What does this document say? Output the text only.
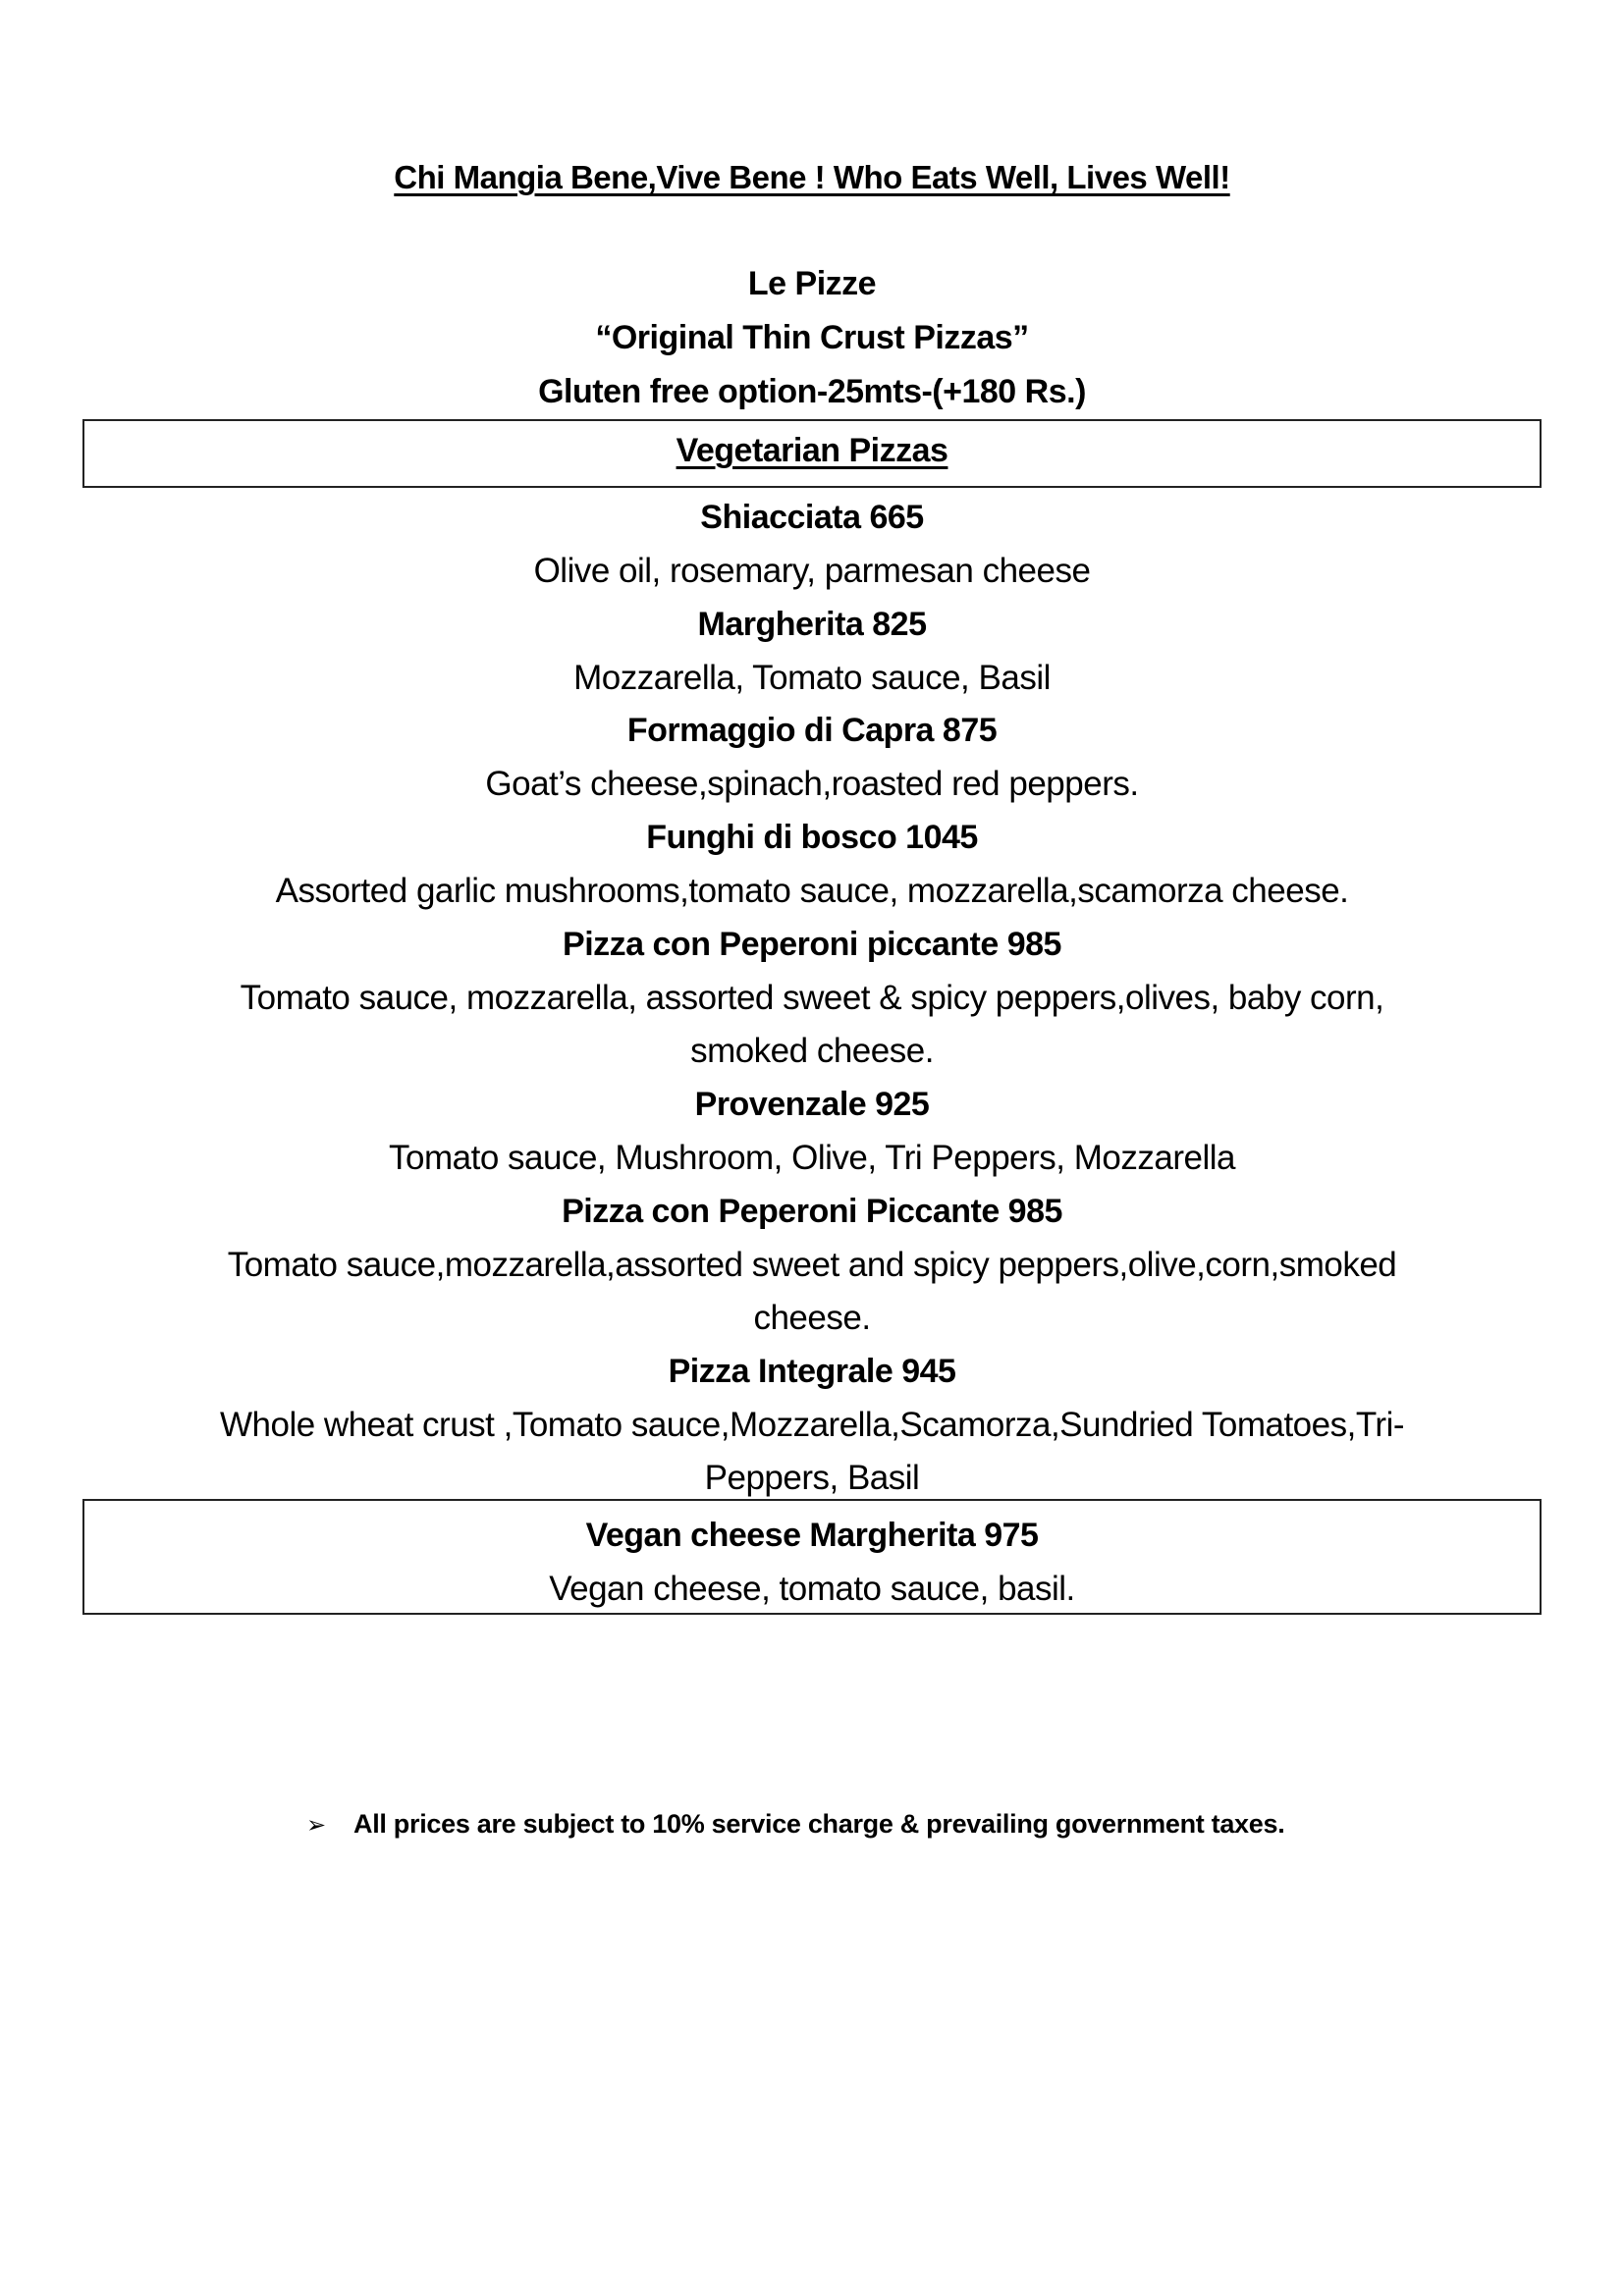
Chi Mangia Bene,Vive Bene ! Who Eats Well, Lives Well!
Le Pizze
“Original Thin Crust Pizzas”
Gluten free option-25mts-(+180 Rs.)
Vegetarian Pizzas
Shiacciata 665
Olive oil, rosemary, parmesan cheese
Margherita 825
Mozzarella, Tomato sauce, Basil
Formaggio di Capra 875
Goat’s cheese,spinach,roasted red peppers.
Funghi di bosco 1045
Assorted garlic mushrooms,tomato sauce, mozzarella,scamorza cheese.
Pizza con Peperoni piccante 985
Tomato sauce, mozzarella, assorted sweet & spicy peppers,olives, baby corn,
smoked cheese.
Provenzale 925
Tomato sauce, Mushroom, Olive, Tri Peppers, Mozzarella
Pizza con Peperoni Piccante 985
Tomato sauce,mozzarella,assorted sweet and spicy peppers,olive,corn,smoked
cheese.
Pizza Integrale 945
Whole wheat crust ,Tomato sauce,Mozzarella,Scamorza,Sundried Tomatoes,Tri-
Peppers, Basil
Vegan cheese Margherita 975
Vegan cheese, tomato sauce, basil.
➢ All prices are subject to 10% service charge & prevailing government taxes.
